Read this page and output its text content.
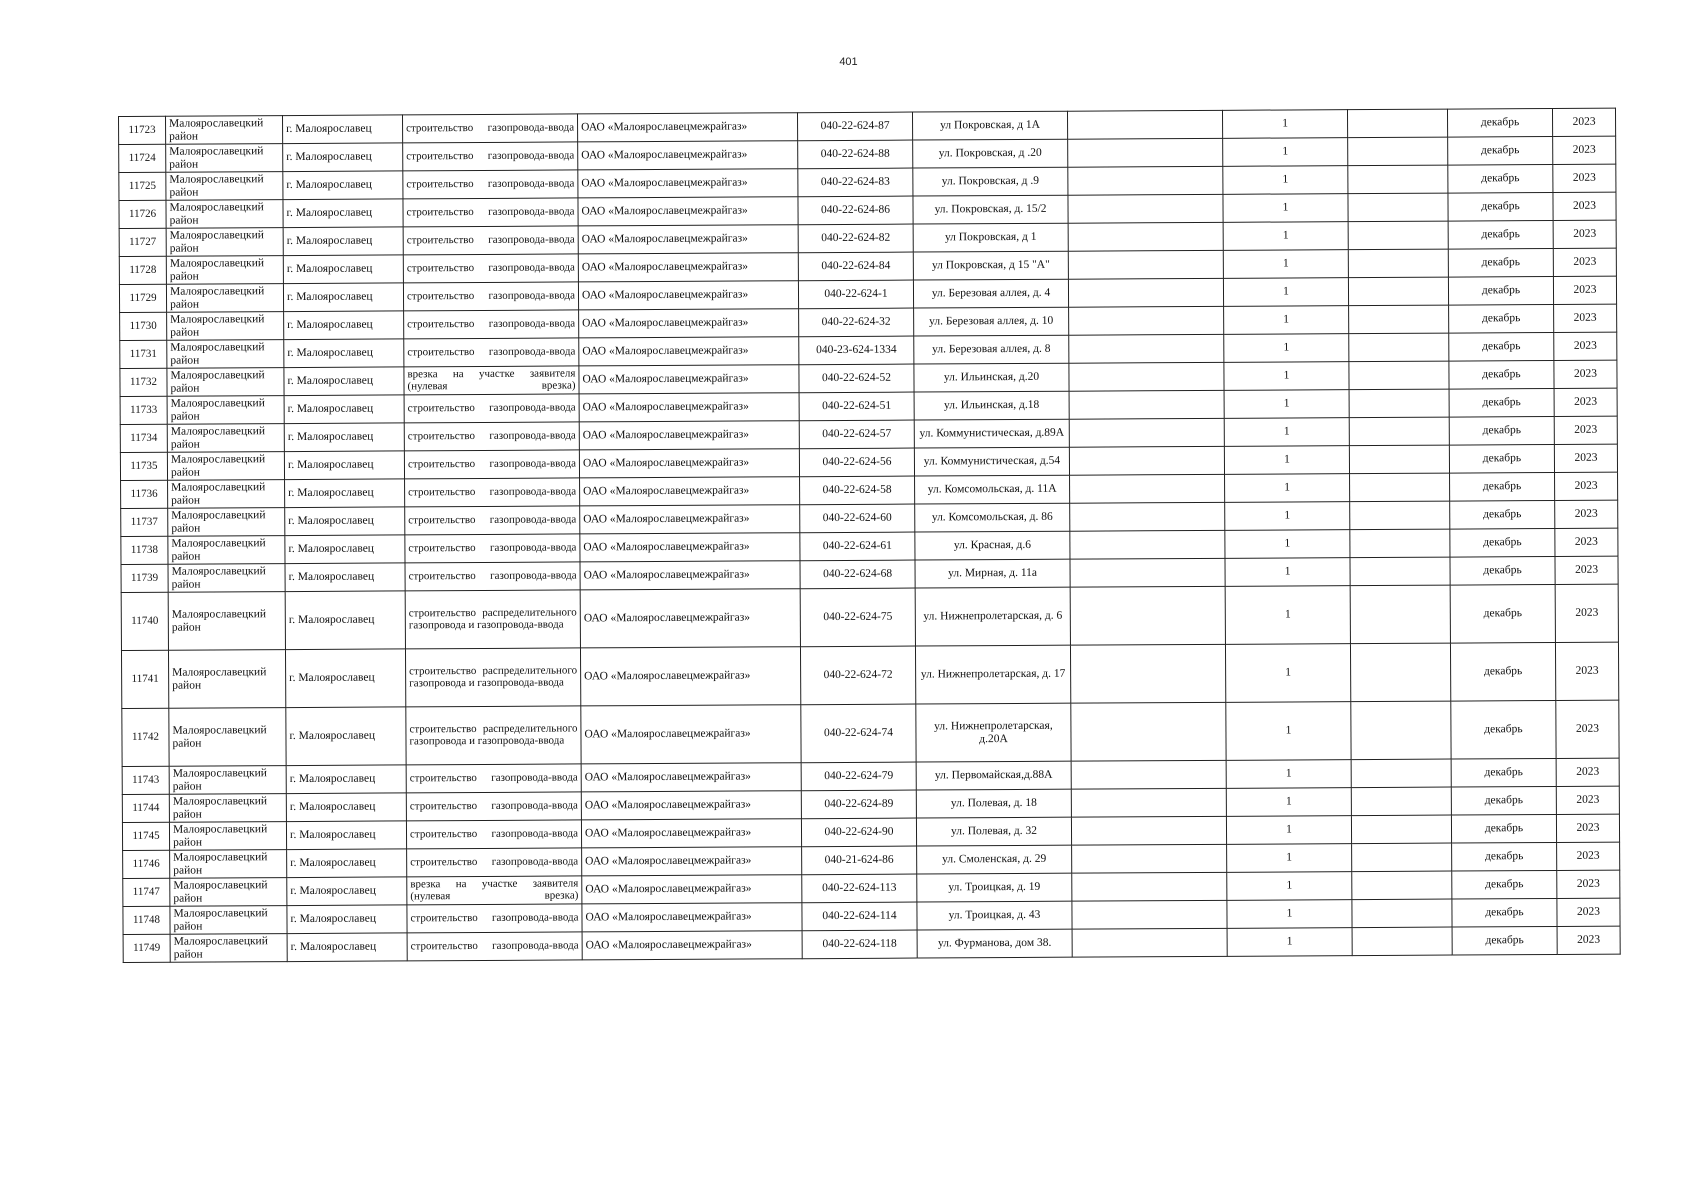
401
11723	Малоярославецкий район	г. Малоярославец	строительство газопровода-ввода	ОАО «Малоярославецмежрайгаз»	040-22-624-87	ул Покровская, д 1А		1		декабрь	2023
11724	Малоярославецкий район	г. Малоярославец	строительство газопровода-ввода	ОАО «Малоярославецмежрайгаз»	040-22-624-88	ул. Покровская, д .20		1		декабрь	2023
11725	Малоярославецкий район	г. Малоярославец	строительство газопровода-ввода	ОАО «Малоярославецмежрайгаз»	040-22-624-83	ул. Покровская, д .9		1		декабрь	2023
11726	Малоярославецкий район	г. Малоярославец	строительство газопровода-ввода	ОАО «Малоярославецмежрайгаз»	040-22-624-86	ул. Покровская, д. 15/2		1		декабрь	2023
11727	Малоярославецкий район	г. Малоярославец	строительство газопровода-ввода	ОАО «Малоярославецмежрайгаз»	040-22-624-82	ул Покровская, д 1		1		декабрь	2023
11728	Малоярославецкий район	г. Малоярославец	строительство газопровода-ввода	ОАО «Малоярославецмежрайгаз»	040-22-624-84	ул Покровская, д 15 "А"		1		декабрь	2023
11729	Малоярославецкий район	г. Малоярославец	строительство газопровода-ввода	ОАО «Малоярославецмежрайгаз»	040-22-624-1	ул. Березовая аллея, д. 4		1		декабрь	2023
11730	Малоярославецкий район	г. Малоярославец	строительство газопровода-ввода	ОАО «Малоярославецмежрайгаз»	040-22-624-32	ул. Березовая аллея, д. 10		1		декабрь	2023
11731	Малоярославецкий район	г. Малоярославец	строительство газопровода-ввода	ОАО «Малоярославецмежрайгаз»	040-23-624-1334	ул. Березовая аллея, д. 8		1		декабрь	2023
11732	Малоярославецкий район	г. Малоярославец	врезка на участке заявителя (нулевая врезка)	ОАО «Малоярославецмежрайгаз»	040-22-624-52	ул. Ильинская, д.20		1		декабрь	2023
11733	Малоярославецкий район	г. Малоярославец	строительство газопровода-ввода	ОАО «Малоярославецмежрайгаз»	040-22-624-51	ул. Ильинская, д.18		1		декабрь	2023
11734	Малоярославецкий район	г. Малоярославец	строительство газопровода-ввода	ОАО «Малоярославецмежрайгаз»	040-22-624-57	ул. Коммунистическая, д.89А		1		декабрь	2023
11735	Малоярославецкий район	г. Малоярославец	строительство газопровода-ввода	ОАО «Малоярославецмежрайгаз»	040-22-624-56	ул. Коммунистическая, д.54		1		декабрь	2023
11736	Малоярославецкий район	г. Малоярославец	строительство газопровода-ввода	ОАО «Малоярославецмежрайгаз»	040-22-624-58	ул. Комсомольская, д. 11А		1		декабрь	2023
11737	Малоярославецкий район	г. Малоярославец	строительство газопровода-ввода	ОАО «Малоярославецмежрайгаз»	040-22-624-60	ул. Комсомольская, д. 86		1		декабрь	2023
11738	Малоярославецкий район	г. Малоярославец	строительство газопровода-ввода	ОАО «Малоярославецмежрайгаз»	040-22-624-61	ул. Красная, д.6		1		декабрь	2023
11739	Малоярославецкий район	г. Малоярославец	строительство газопровода-ввода	ОАО «Малоярославецмежрайгаз»	040-22-624-68	ул. Мирная, д. 11а		1		декабрь	2023
11740	Малоярославецкий район	г. Малоярославец	строительство распределительного газопровода и газопровода-ввода	ОАО «Малоярославецмежрайгаз»	040-22-624-75	ул. Нижнепролетарская, д. 6		1		декабрь	2023
11741	Малоярославецкий район	г. Малоярославец	строительство распределительного газопровода и газопровода-ввода	ОАО «Малоярославецмежрайгаз»	040-22-624-72	ул. Нижнепролетарская, д. 17		1		декабрь	2023
11742	Малоярославецкий район	г. Малоярославец	строительство распределительного газопровода и газопровода-ввода	ОАО «Малоярославецмежрайгаз»	040-22-624-74	ул. Нижнепролетарская, д.20А		1		декабрь	2023
11743	Малоярославецкий район	г. Малоярославец	строительство газопровода-ввода	ОАО «Малоярославецмежрайгаз»	040-22-624-79	ул. Первомайская,д.88А		1		декабрь	2023
11744	Малоярославецкий район	г. Малоярославец	строительство газопровода-ввода	ОАО «Малоярославецмежрайгаз»	040-22-624-89	ул. Полевая, д. 18		1		декабрь	2023
11745	Малоярославецкий район	г. Малоярославец	строительство газопровода-ввода	ОАО «Малоярославецмежрайгаз»	040-22-624-90	ул. Полевая, д. 32		1		декабрь	2023
11746	Малоярославецкий район	г. Малоярославец	строительство газопровода-ввода	ОАО «Малоярославецмежрайгаз»	040-21-624-86	ул. Смоленская, д. 29		1		декабрь	2023
11747	Малоярославецкий район	г. Малоярославец	врезка на участке заявителя (нулевая врезка)	ОАО «Малоярославецмежрайгаз»	040-22-624-113	ул. Троицкая, д. 19		1		декабрь	2023
11748	Малоярославецкий район	г. Малоярославец	строительство газопровода-ввода	ОАО «Малоярославецмежрайгаз»	040-22-624-114	ул. Троицкая, д. 43		1		декабрь	2023
11749	Малоярославецкий район	г. Малоярославец	строительство газопровода-ввода	ОАО «Малоярославецмежрайгаз»	040-22-624-118	ул. Фурманова, дом 38.		1		декабрь	2023
